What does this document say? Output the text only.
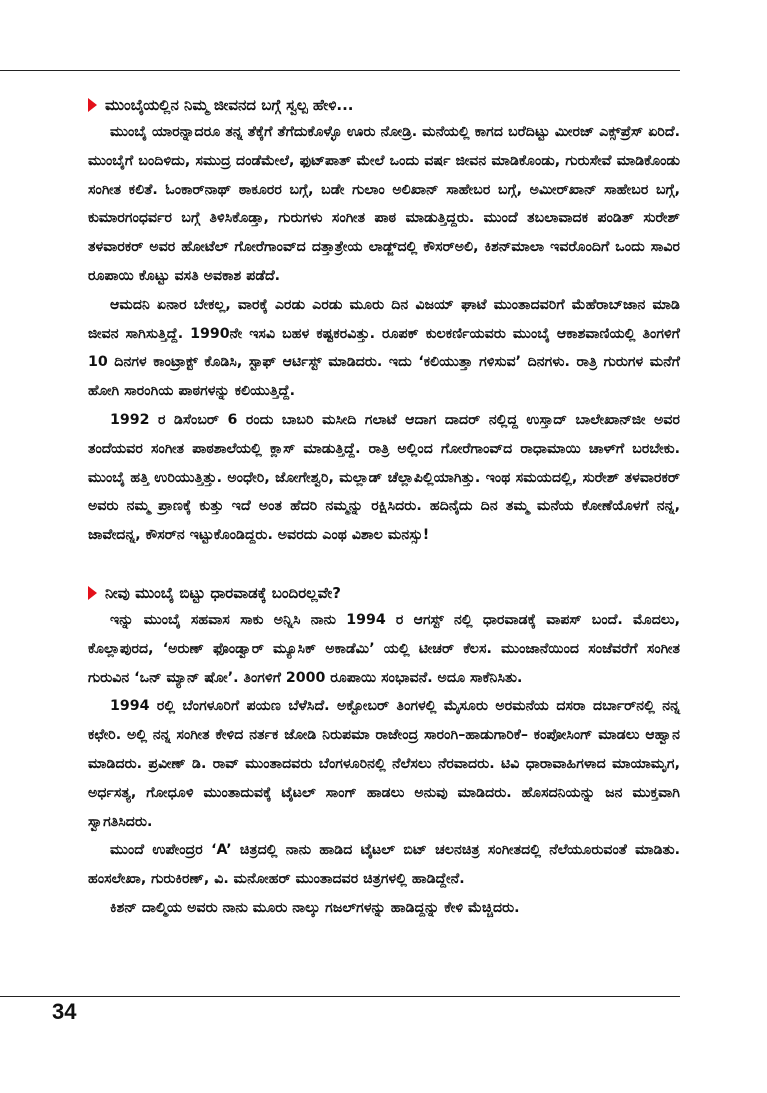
ಮುಂಬೈಯಲ್ಲಿನ ನಿಮ್ಮ ಜೀವನದ ಬಗ್ಗೆ ಸ್ವಲ್ಪ ಹೇಳಿ...

ಮುಂಬೈ ಯಾರನ್ನಾದರೂ ತನ್ನ ತೆಕ್ಕೆಗೆ ತೆಗೆದುಕೊಳ್ಳೊ ಊರು ನೋಡ್ರಿ. ಮನೆಯಲ್ಲಿ ಕಾಗದ ಬರೆದಿಟ್ಟು ಮೀರಜ್ ಎಕ್ಸ್‌ಪ್ರೆಸ್ ಏರಿದೆ. ಮುಂಬೈಗೆ ಬಂದಿಳಿದು, ಸಮುದ್ರ ದಂಡೆಮೇಲೆ, ಫುಟ್‌ಪಾತ್ ಮೇಲೆ ಒಂದು ವರ್ಷ ಜೀವನ ಮಾಡಿಕೊಂಡು, ಗುರುಸೇವೆ ಮಾಡಿಕೊಂಡು ಸಂಗೀತ ಕಲಿತೆ. ಓಂಕಾರ್‌ನಾಥ್ ಠಾಕೂರರ ಬಗ್ಗೆ, ಬಡೇ ಗುಲಾಂ ಅಲಿಖಾನ್ ಸಾಹೇಬರ ಬಗ್ಗೆ, ಅಮೀರ್‌ಖಾನ್ ಸಾಹೇಬರ ಬಗ್ಗೆ, ಕುಮಾರಗಂಧರ್ವರ ಬಗ್ಗೆ ತಿಳಿಸಿಕೊಡ್ತಾ, ಗುರುಗಳು ಸಂಗೀತ ಪಾಠ ಮಾಡುತ್ತಿದ್ದರು. ಮುಂದೆ ತಬಲಾವಾದಕ ಪಂಡಿತ್ ಸುರೇಶ್ ತಳವಾರಕರ್ ಅವರ ಹೋಟೆಲ್ ಗೋರೆಗಾಂವ್‌ದ ದತ್ತಾತ್ರೇಯ ಲಾಡ್ಜ್‌ದಲ್ಲಿ ಕೌಸರ್‌ಅಲಿ, ಕಿಶನ್‌ಮಾಲಾ ಇವರೊಂದಿಗೆ ಒಂದು ಸಾವಿರ ರೂಪಾಯಿ ಕೊಟ್ಟು ವಸತಿ ಅವಕಾಶ ಪಡೆದೆ.

ಆಮದನಿ ಏನಾರ ಬೇಕಲ್ಲ, ವಾರಕ್ಕೆ ಎರಡು ಎರಡು ಮೂರು ದಿನ ವಿಜಯ್ ಘಾಟೆ ಮುಂತಾದವರಿಗೆ ಮೆಹೆರಾಬ್‌ಜಾನ ಮಾಡಿ ಜೀವನ ಸಾಗಿಸುತ್ತಿದ್ದೆ. 1990ನೇ ಇಸವಿ ಬಹಳ ಕಷ್ಟಕರವಿತ್ತು. ರೂಪಕ್ ಕುಲಕರ್ಣಿಯವರು ಮುಂಬೈ ಆಕಾಶವಾಣಿಯಲ್ಲಿ ತಿಂಗಳಿಗೆ 10 ದಿನಗಳ ಕಾಂಟ್ರಾಕ್ಟ್ ಕೊಡಿಸಿ, ಸ್ಟಾಫ್ ಆರ್ಟಿಸ್ಟ್ ಮಾಡಿದರು. ಇದು ‘ಕಲಿಯುತ್ತಾ ಗಳಿಸುವ’ ದಿನಗಳು. ರಾತ್ರಿ ಗುರುಗಳ ಮನೆಗೆ ಹೋಗಿ ಸಾರಂಗಿಯ ಪಾಠಗಳನ್ನು ಕಲಿಯುತ್ತಿದ್ದೆ.

1992 ರ ಡಿಸೆಂಬರ್ 6 ರಂದು ಬಾಬರಿ ಮಸೀದಿ ಗಲಾಟೆ ಆದಾಗ ದಾದರ್ ನಲ್ಲಿದ್ದ ಉಸ್ತಾದ್ ಬಾಲೇಖಾನ್‌ಜೀ ಅವರ ತಂದೆಯವರ ಸಂಗೀತ ಪಾಠಶಾಲೆಯಲ್ಲಿ ಕ್ಲಾಸ್ ಮಾಡುತ್ತಿದ್ದೆ. ರಾತ್ರಿ ಅಲ್ಲಿಂದ ಗೋರೆಗಾಂವ್‌ದ ರಾಧಾಮಾಯಿ ಚಾಳ್‌ಗೆ ಬರಬೇಕು. ಮುಂಬೈ ಹತ್ತಿ ಉರಿಯುತ್ತಿತ್ತು. ಅಂಧೇರಿ, ಜೋಗೇಶ್ವರಿ, ಮಲ್ಲಾಡ್ ಚೆಲ್ಲಾಪಿಲ್ಲಿಯಾಗಿತ್ತು. ಇಂಥ ಸಮಯದಲ್ಲಿ, ಸುರೇಶ್ ತಳವಾರಕರ್ ಅವರು ನಮ್ಮ ಪ್ರಾಣಕ್ಕೆ ಕುತ್ತು ಇದೆ ಅಂತ ಹೆದರಿ ನಮ್ಮನ್ನು ರಕ್ಷಿಸಿದರು. ಹದಿನೈದು ದಿನ ತಮ್ಮ ಮನೆಯ ಕೋಣೆಯೊಳಗೆ ನನ್ನ, ಜಾವೇದನ್ನ, ಕೌಸರ್‌ನ ಇಟ್ಟುಕೊಂಡಿದ್ದರು. ಅವರದು ಎಂಥ ವಿಶಾಲ ಮನಸ್ಸು!

ನೀವು ಮುಂಬೈ ಬಿಟ್ಟು ಧಾರವಾಡಕ್ಕೆ ಬಂದಿರಲ್ಲವೇ?

ಇನ್ನು ಮುಂಬೈ ಸಹವಾಸ ಸಾಕು ಅನ್ನಿಸಿ ನಾನು 1994 ರ ಆಗಸ್ಟ್ ನಲ್ಲಿ ಧಾರವಾಡಕ್ಕೆ ವಾಪಸ್ ಬಂದೆ. ಮೊದಲು, ಕೊಲ್ಲಾಪುರದ, ‘ಅರುಣ್ ಫೊಂಡ್ವಾರ್ ಮ್ಯೂಸಿಕ್ ಅಕಾಡೆಮಿ’ ಯಲ್ಲಿ ಟೀಚರ್ ಕೆಲಸ. ಮುಂಜಾನೆಯಿಂದ ಸಂಜೆವರೆಗೆ ಸಂಗೀತ ಗುರುವಿನ ‘ಒನ್ ಮ್ಯಾನ್ ಷೋ’. ತಿಂಗಳಿಗೆ 2000 ರೂಪಾಯಿ ಸಂಭಾವನೆ. ಅದೂ ಸಾಕೆನಿಸಿತು.

1994 ರಲ್ಲಿ ಬೆಂಗಳೂರಿಗೆ ಪಯಣ ಬೆಳೆಸಿದೆ. ಅಕ್ಟೋಬರ್ ತಿಂಗಳಲ್ಲಿ ಮೈಸೂರು ಅರಮನೆಯ ದಸರಾ ದರ್ಬಾರ್‌ನಲ್ಲಿ ನನ್ನ ಕಛೇರಿ. ಅಲ್ಲಿ ನನ್ನ ಸಂಗೀತ ಕೇಳಿದ ನರ್ತಕ ಜೋಡಿ ನಿರುಪಮಾ ರಾಜೇಂದ್ರ ಸಾರಂಗಿ–ಹಾಡುಗಾರಿಕೆ– ಕಂಪೋಸಿಂಗ್ ಮಾಡಲು ಆಹ್ವಾನ ಮಾಡಿದರು. ಪ್ರವೀಣ್ ಡಿ. ರಾವ್ ಮುಂತಾದವರು ಬೆಂಗಳೂರಿನಲ್ಲಿ ನೆಲೆಸಲು ನೆರವಾದರು. ಟಿವಿ ಧಾರಾವಾಹಿಗಳಾದ ಮಾಯಾಮೃಗ, ಅರ್ಧಸತ್ಯ, ಗೋಧೂಳಿ ಮುಂತಾದುವಕ್ಕೆ ಟೈಟಲ್ ಸಾಂಗ್ ಹಾಡಲು ಅನುವು ಮಾಡಿದರು. ಹೊಸದನಿಯನ್ನು ಜನ ಮುಕ್ತವಾಗಿ ಸ್ವಾಗತಿಸಿದರು.

ಮುಂದೆ ಉಪೇಂದ್ರರ ‘A’ ಚಿತ್ರದಲ್ಲಿ ನಾನು ಹಾಡಿದ ಟೈಟಲ್ ಬಿಟ್ ಚಲನಚಿತ್ರ ಸಂಗೀತದಲ್ಲಿ ನೆಲೆಯೂರುವಂತೆ ಮಾಡಿತು. ಹಂಸಲೇಖಾ, ಗುರುಕಿರಣ್, ವಿ. ಮನೋಹರ್ ಮುಂತಾದವರ ಚಿತ್ರಗಳಲ್ಲಿ ಹಾಡಿದ್ದೇನೆ.

ಕಿಶನ್ ದಾಲ್ಮಿಯ ಅವರು ನಾನು ಮೂರು ನಾಲ್ಕು ಗಜಲ್‌ಗಳನ್ನು ಹಾಡಿದ್ದನ್ನು ಕೇಳಿ ಮೆಚ್ಚಿದರು.

34
